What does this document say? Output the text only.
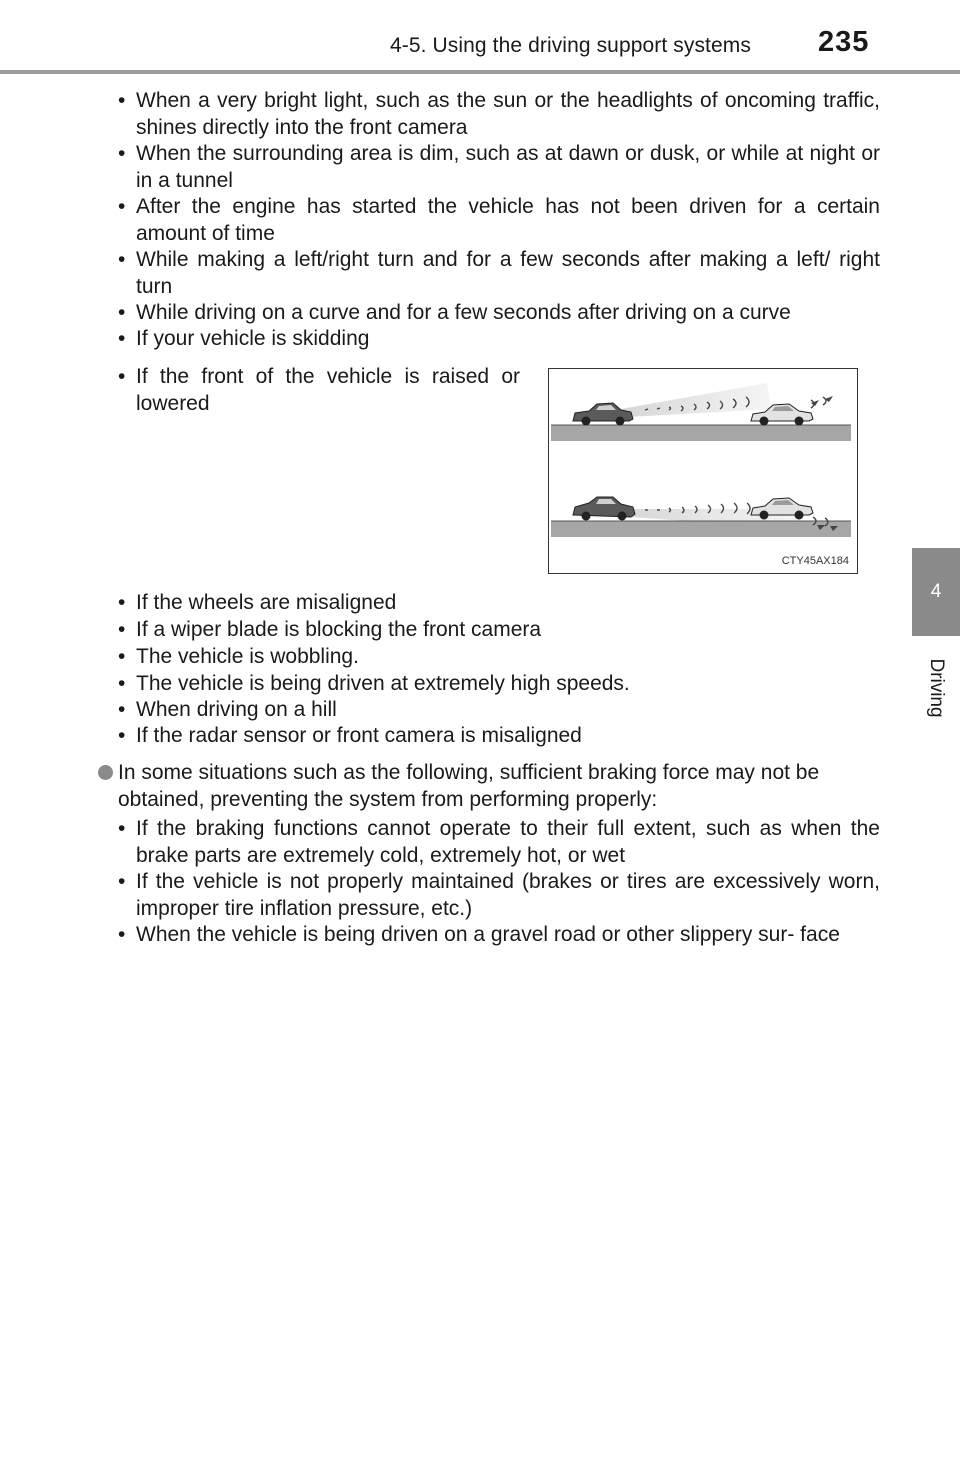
4-5. Using the driving support systems 235
4
Driving
• When a very bright light, such as the sun or the headlights of oncoming traffic, shines directly into the front camera
• When the surrounding area is dim, such as at dawn or dusk, or while at night or in a tunnel
• After the engine has started the vehicle has not been driven for a certain amount of time
• While making a left/right turn and for a few seconds after making a left/ right turn
• While driving on a curve and for a few seconds after driving on a curve
• If your vehicle is skidding
• If the front of the vehicle is raised or lowered
CTY45AX184
• If the wheels are misaligned
• If a wiper blade is blocking the front camera
• The vehicle is wobbling.
• The vehicle is being driven at extremely high speeds.
• When driving on a hill
• If the radar sensor or front camera is misaligned
In some situations such as the following, sufficient braking force may not be obtained, preventing the system from performing properly:
• If the braking functions cannot operate to their full extent, such as when the brake parts are extremely cold, extremely hot, or wet
• If the vehicle is not properly maintained (brakes or tires are excessively worn, improper tire inflation pressure, etc.)
• When the vehicle is being driven on a gravel road or other slippery sur- face
